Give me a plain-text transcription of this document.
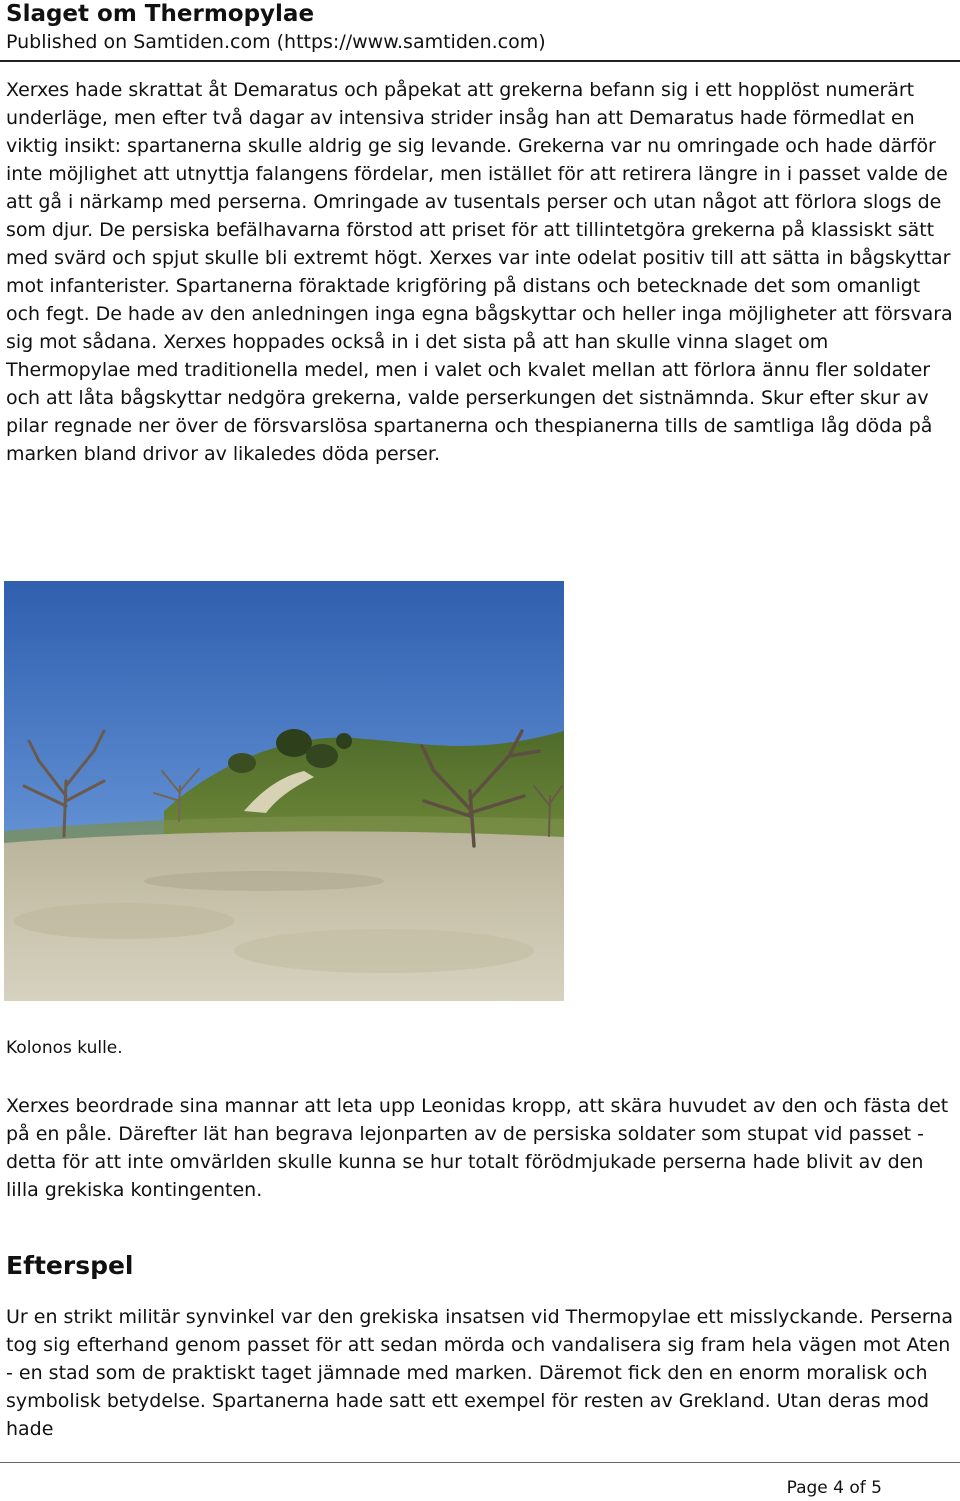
Slaget om Thermopylae

Published on Samtiden.com (https://www.samtiden.com)

Xerxes hade skrattat åt Demaratus och påpekat att grekerna befann sig i ett hopplöst numerärt underläge, men efter två dagar av intensiva strider insåg han att Demaratus hade förmedlat en viktig insikt: spartanerna skulle aldrig ge sig levande. Grekerna var nu omringade och hade därför inte möjlighet att utnyttja falangens fördelar, men istället för att retirera längre in i passet valde de att gå i närkamp med perserna. Omringade av tusentals perser och utan något att förlora slogs de som djur. De persiska befälhavarna förstod att priset för att tillintetgöra grekerna på klassiskt sätt med svärd och spjut skulle bli extremt högt. Xerxes var inte odelat positiv till att sätta in bågskyttar mot infanterister. Spartanerna föraktade krigföring på distans och betecknade det som omanligt och fegt. De hade av den anledningen inga egna bågskyttar och heller inga möjligheter att försvara sig mot sådana. Xerxes hoppades också in i det sista på att han skulle vinna slaget om Thermopylae med traditionella medel, men i valet och kvalet mellan att förlora ännu fler soldater och att låta bågskyttar nedgöra grekerna, valde perserkungen det sistnämnda. Skur efter skur av pilar regnade ner över de försvarslösa spartanerna och thespianerna tills de samtliga låg döda på marken bland drivor av likaledes döda perser.

Kolonos kulle.

Xerxes beordrade sina mannar att leta upp Leonidas kropp, att skära huvudet av den och fästa det på en påle. Därefter lät han begrava lejonparten av de persiska soldater som stupat vid passet - detta för att inte omvärlden skulle kunna se hur totalt förödmjukade perserna hade blivit av den lilla grekiska kontingenten.

Efterspel

Ur en strikt militär synvinkel var den grekiska insatsen vid Thermopylae ett misslyckande. Perserna tog sig efterhand genom passet för att sedan mörda och vandalisera sig fram hela vägen mot Aten - en stad som de praktiskt taget jämnade med marken. Däremot fick den en enorm moralisk och symbolisk betydelse. Spartanerna hade satt ett exempel för resten av Grekland. Utan deras mod hade

Page 4 of 5
